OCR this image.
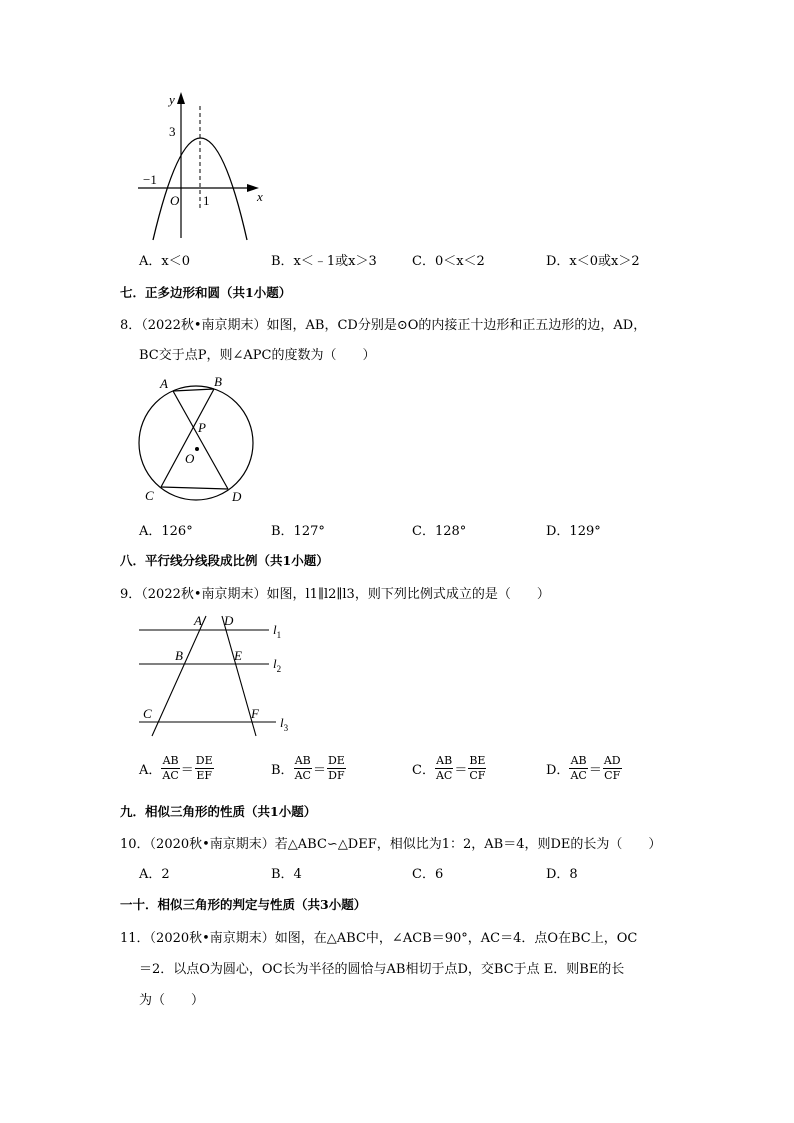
y
x
3
−1
O 1
A．x＜0	B．x＜﹣1或x＞3	C．0＜x＜2	D．x＜0或x＞2
七．正多边形和圆（共1小题）
8．（2022秋•南京期末）如图，AB，CD分别是⊙O的内接正十边形和正五边形的边，AD，
BC交于点P，则∠APC的度数为（　　）
A	B
P
O
C	D
A．126°	B．127°	C．128°	D．129°
八．平行线分线段成比例（共1小题）
9．（2022秋•南京期末）如图，l1∥l2∥l3，则下列比例式成立的是（　　）
A D
B	E
C	F
$l_1$
$l_2$
$l_3$
A． $\frac{AB}{AC} = \frac{DE}{EF}$	B． $\frac{AB}{AC} = \frac{DE}{DF}$	C． $\frac{AB}{AC} = \frac{BE}{CF}$	D． $\frac{AB}{AC} = \frac{AD}{CF}$
九．相似三角形的性质（共1小题）
10．（2020秋•南京期末）若△ABC∽△DEF，相似比为1：2，AB＝4，则DE的长为（　　）
A．2	B．4	C．6	D．8
一十．相似三角形的判定与性质（共3小题）
11．（2020秋•南京期末）如图，在△ABC中，∠ACB＝90°，AC＝4．点O在BC上，OC
＝2．以点O为圆心，OC长为半径的圆恰与AB相切于点D，交BC于点 E．则BE的长
为（　　）
